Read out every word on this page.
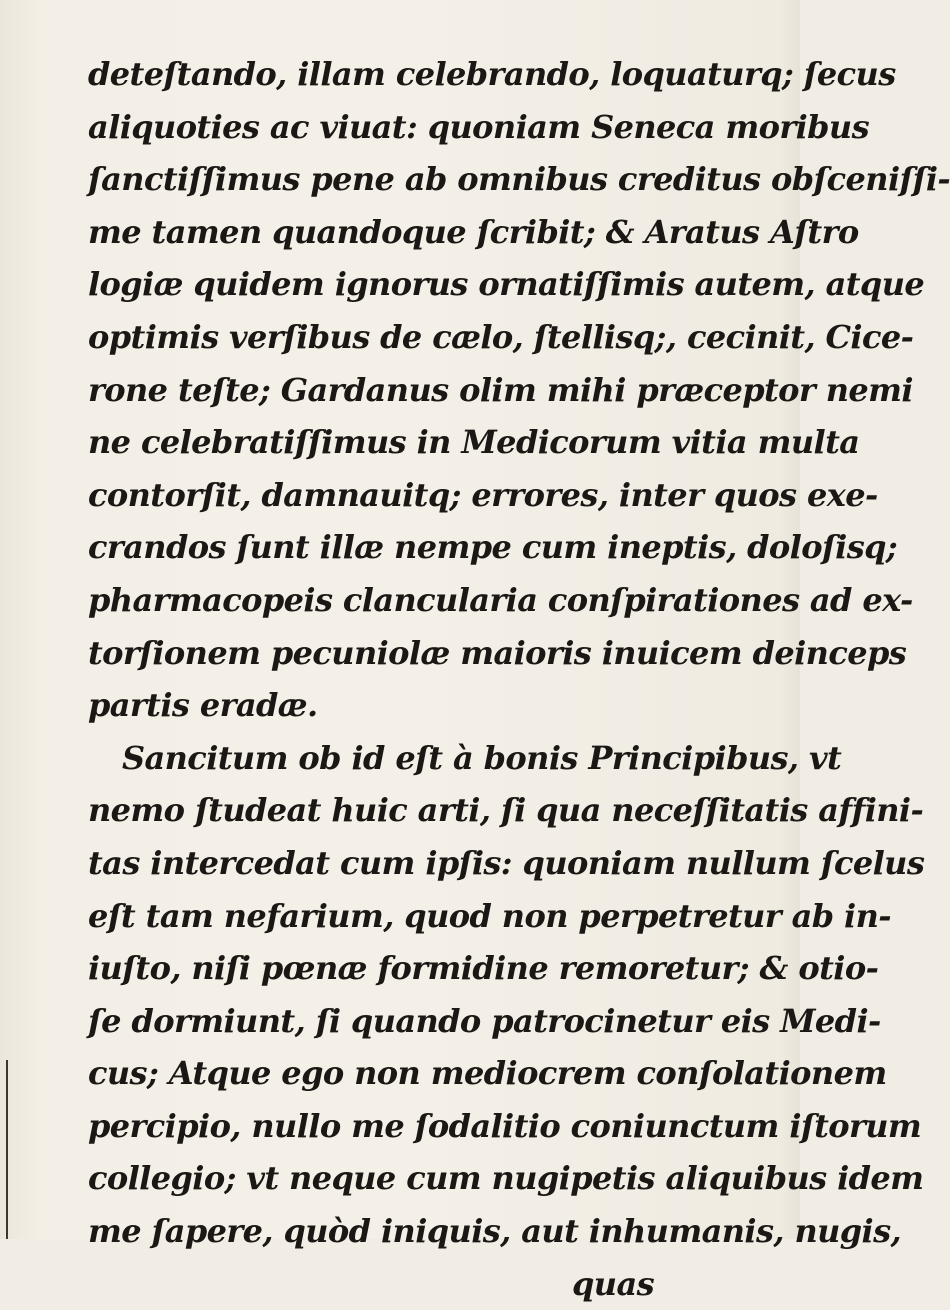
deteſtando, illam celebrando, loquaturq; ſecus
aliquoties ac viuat: quoniam Seneca moribus
ſanctiſſimus pene ab omnibus creditus obſceniſſi-
me tamen quandoque ſcribit; & Aratus Aſtro
logiæ quidem ignorus ornatiſſimis autem, atque
optimis verſibus de cælo, ſtellisq;, cecinit, Cice-
rone teſte; Gardanus olim mihi præceptor nemi
ne celebratiſſimus in Medicorum vitia multa
contorſit, damnauitq; errores, inter quos exe-
crandos ſunt illæ nempe cum ineptis, doloſisq;
pharmacopeis clancularia conſpirationes ad ex-
torſionem pecuniolæ maioris inuicem deinceps
partis eradæ.
Sancitum ob id eſt à bonis Principibus, vt
nemo ſtudeat huic arti, ſi qua neceſſitatis affini-
tas intercedat cum ipſis: quoniam nullum ſcelus
eſt tam nefarium, quod non perpetretur ab in-
iuſto, niſi pœnæ formidine remoretur; & otio-
ſe dormiunt, ſi quando patrocinetur eis Medi-
cus; Atque ego non mediocrem conſolationem
percipio, nullo me ſodalitio coniunctum iſtorum
collegio; vt neque cum nugipetis aliquibus idem
me ſapere, quòd iniquis, aut inhumanis, nugis,
quas
